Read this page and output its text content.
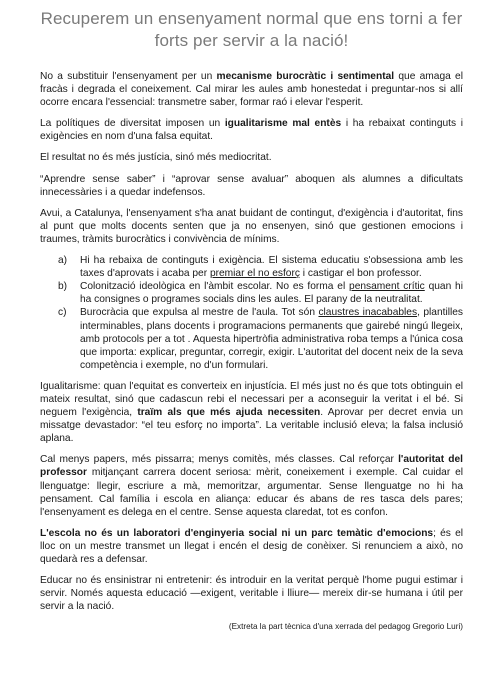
Recuperem un ensenyament normal que ens torni a fer forts per servir a la nació!
No a substituir l'ensenyament per un mecanisme burocràtic i sentimental que amaga el fracàs i degrada el coneixement. Cal mirar les aules amb honestedat i preguntar-nos si allí ocorre encara l'essencial: transmetre saber, formar raó i elevar l'esperit.
La polítiques de diversitat imposen un igualitarisme mal entès i ha rebaixat continguts i exigències en nom d'una falsa equitat.
El resultat no és més justícia, sinó més mediocritat.
“Aprendre sense saber” i “aprovar sense avaluar” aboquen als alumnes a dificultats innecessàries i a quedar indefensos.
Avui, a Catalunya, l'ensenyament s'ha anat buidant de contingut, d'exigència i d'autoritat, fins al punt que molts docents senten que ja no ensenyen, sinó que gestionen emocions i traumes, tràmits burocràtics i convivència de mínims.
a) Hi ha rebaixa de continguts i exigència. El sistema educatiu s'obsessiona amb les taxes d'aprovats i acaba per premiar el no esforç i castigar el bon professor.
b) Colonització ideològica en l'àmbit escolar. No es forma el pensament crític quan hi ha consignes o programes socials dins les aules. El parany de la neutralitat.
c) Burocràcia que expulsa al mestre de l'aula. Tot són claustres inacabables, plantilles interminables, plans docents i programacions permanents que gairebé ningú llegeix, amb protocols per a tot . Aquesta hipertròfia administrativa roba temps a l'única cosa que importa: explicar, preguntar, corregir, exigir. L'autoritat del docent neix de la seva competència i exemple, no d'un formulari.
Igualitarisme: quan l'equitat es converteix en injustícia. El més just no és que tots obtinguin el mateix resultat, sinó que cadascun rebi el necessari per a aconseguir la veritat i el bé. Si neguem l'exigència, traïm als que més ajuda necessiten. Aprovar per decret envia un missatge devastador: “el teu esforç no importa”. La veritable inclusió eleva; la falsa inclusió aplana.
Cal menys papers, més pissarra; menys comitès, més classes. Cal reforçar l'autoritat del professor mitjançant carrera docent seriosa: mèrit, coneixement i exemple. Cal cuidar el llenguatge: llegir, escriure a mà, memoritzar, argumentar. Sense llenguatge no hi ha pensament. Cal família i escola en aliança: educar és abans de res tasca dels pares; l'ensenyament es delega en el centre. Sense aquesta claredat, tot es confon.
L'escola no és un laboratori d'enginyeria social ni un parc temàtic d'emocions; és el lloc on un mestre transmet un llegat i encén el desig de conèixer. Si renunciem a això, no quedarà res a defensar.
Educar no és ensinistrar ni entretenir: és introduir en la veritat perquè l'home pugui estimar i servir. Només aquesta educació —exigent, veritable i lliure— mereix dir-se humana i útil per servir a la nació.
(Extreta la part tècnica d'una xerrada del pedagog Gregorio Luri)
